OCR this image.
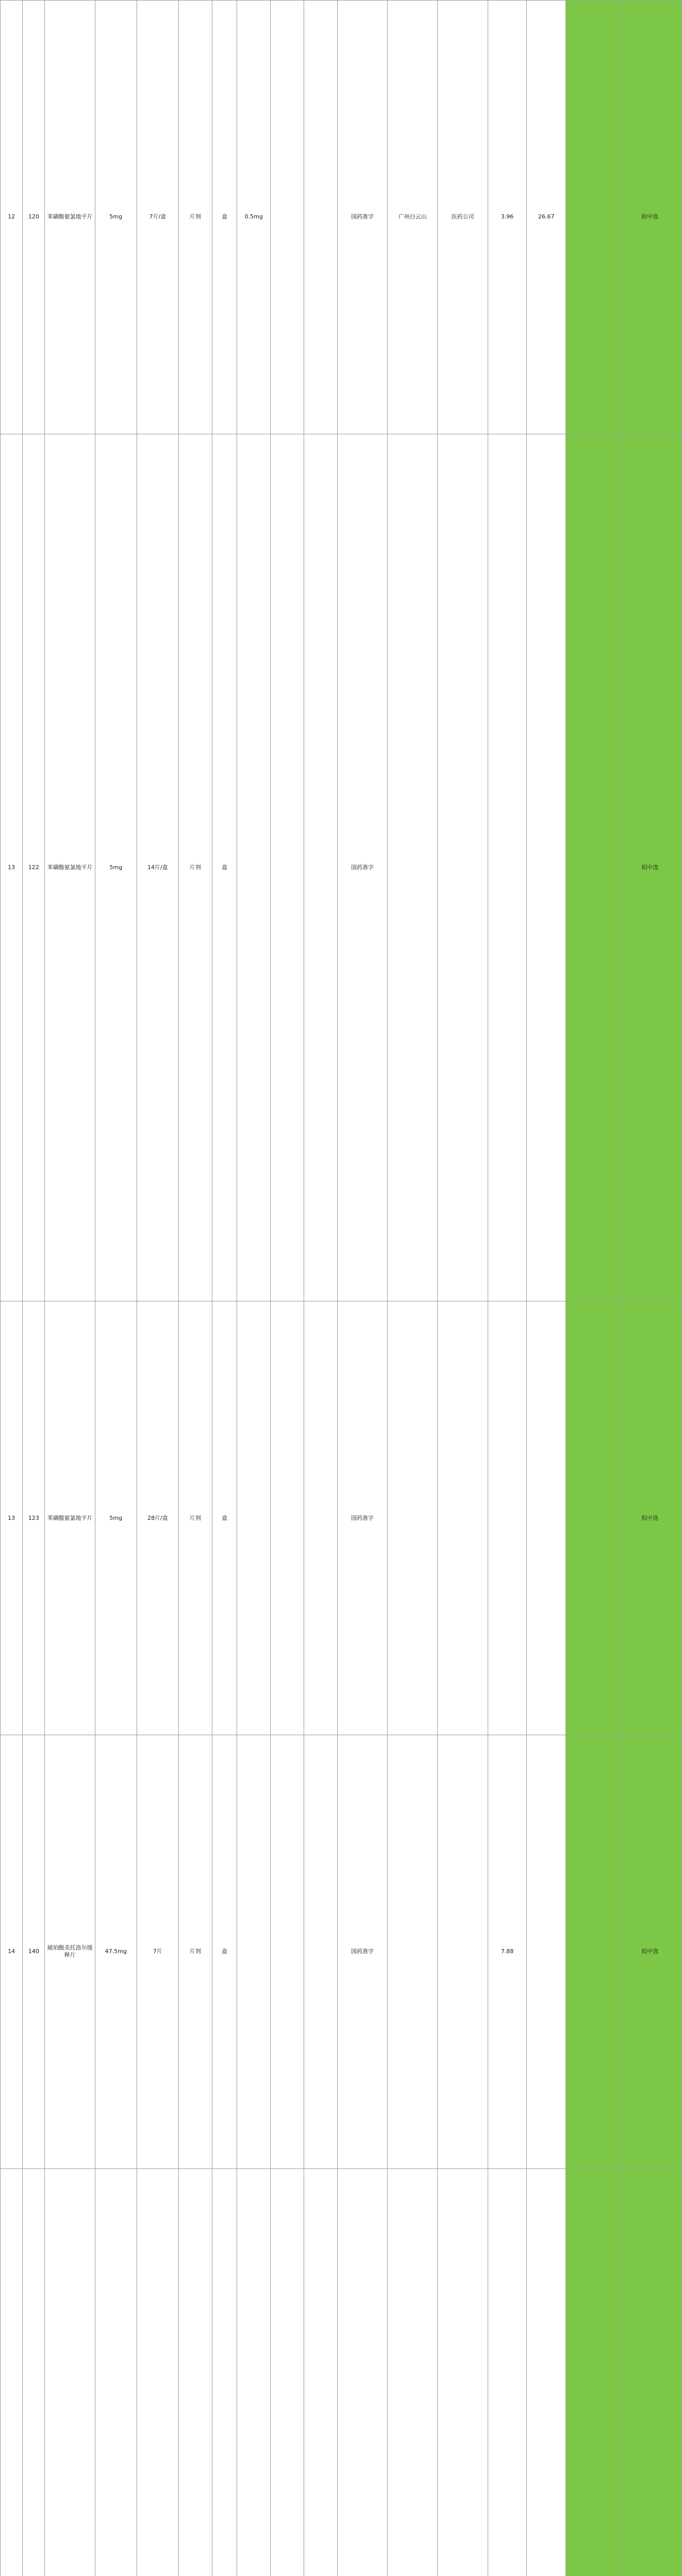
12	120	苯磺酸氨氯地平片	5mg	7片/盒	片剂	盒	0.5mg			国药准字	广州白云山	医药公司	3.96	26.67		拟中选
13	122	苯磺酸氨氯地平片	5mg	14片/盒	片剂	盒				国药准字						拟中选
13	123	苯磺酸氨氯地平片	5mg	28片/盒	片剂	盒				国药准字						拟中选
14	140	琥珀酸美托洛尔缓释片	47.5mg	7片	片剂	盒				国药准字			7.88			拟中选
